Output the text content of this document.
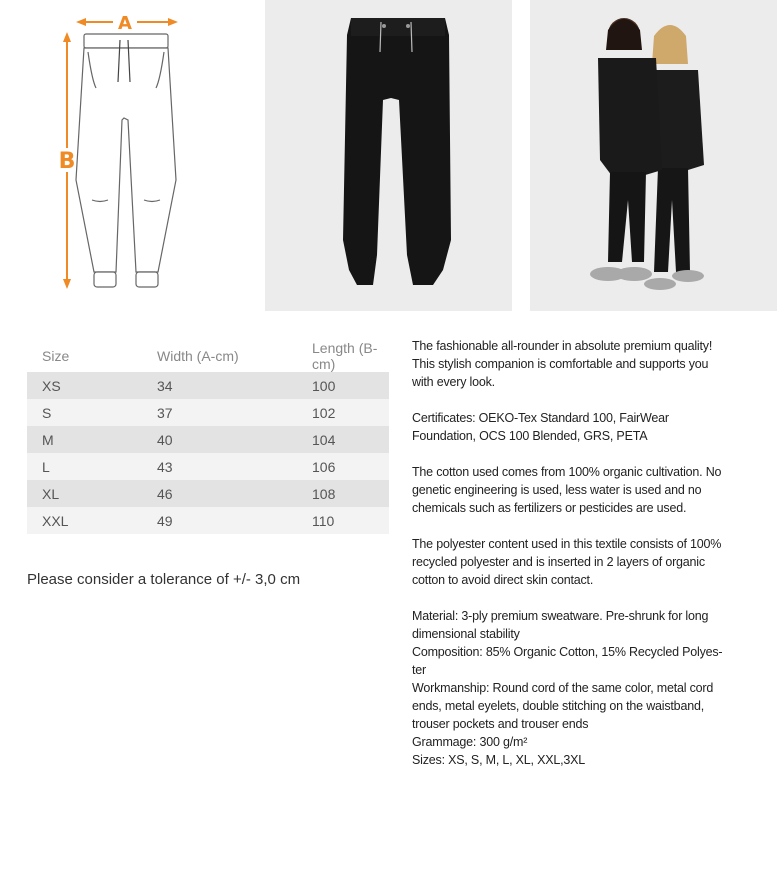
A
B
Size	Width (A-cm)	Length (B-cm)
XS	34	100
S	37	102
M	40	104
L	43	106
XL	46	108
XXL	49	110
Please consider a tolerance of +/- 3,0 cm

The fashionable all-rounder in absolute premium quality! This stylish companion is comfortable and supports you with every look.

Certificates: OEKO-Tex Standard 100, FairWear Foundation, OCS 100 Blended, GRS, PETA

The cotton used comes from 100% organic cultivation. No genetic engineering is used, less water is used and no chemicals such as fertilizers or pesticides are used.

The polyester content used in this textile consists of 100% recycled polyester and is inserted in 2 layers of organic cotton to avoid direct skin contact.

Material: 3-ply premium sweatware. Pre-shrunk for long dimensional stability
Composition: 85% Organic Cotton, 15% Recycled Polyes-ter
Workmanship: Round cord of the same color, metal cord ends, metal eyelets, double stitching on the waistband, trouser pockets and trouser ends
Grammage: 300 g/m²
Sizes: XS, S, M, L, XL, XXL,3XL
